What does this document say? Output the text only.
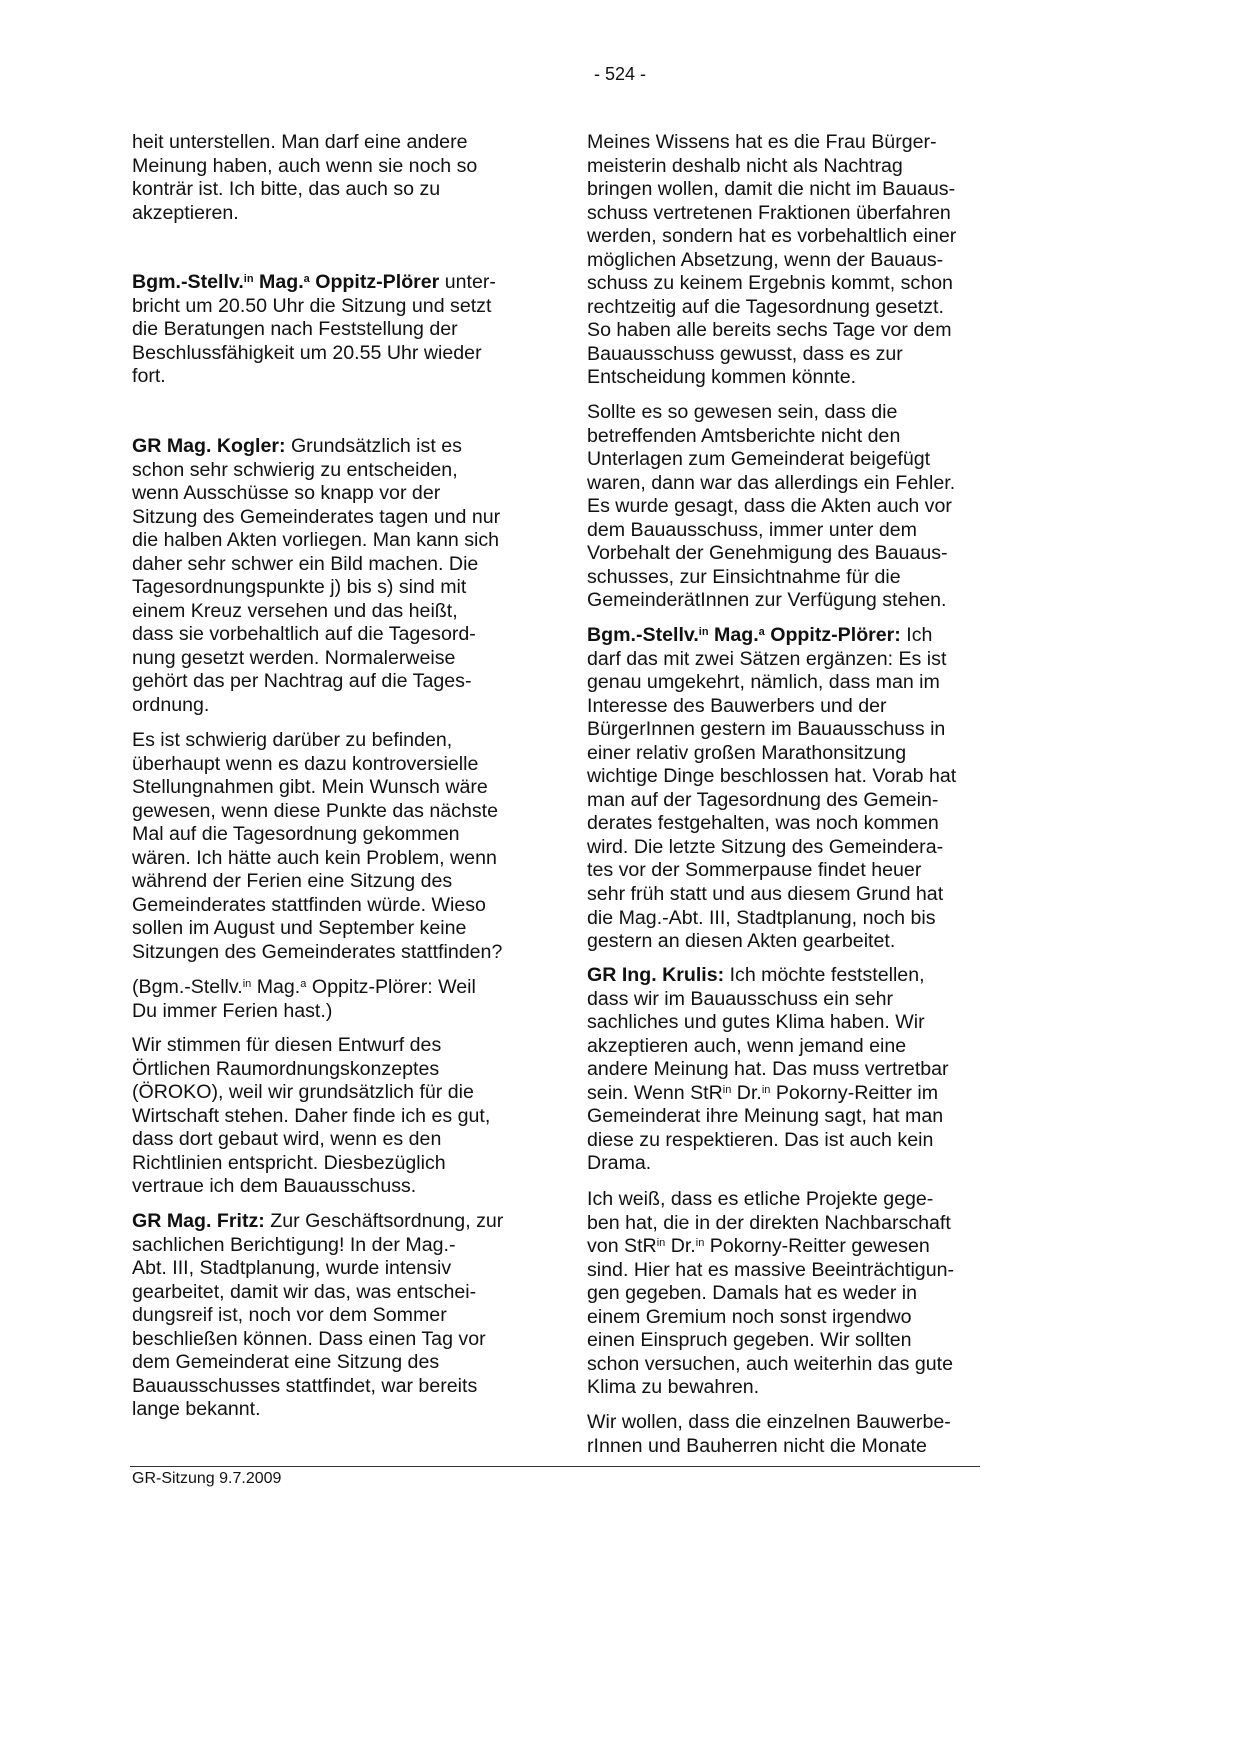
- 524 -
heit unterstellen. Man darf eine andere
Meinung haben, auch wenn sie noch so
konträr ist. Ich bitte, das auch so zu
akzeptieren.
Bgm.-Stellv.$^{in}$ Mag.$^a$ Oppitz-Plörer unter-
bricht um 20.50 Uhr die Sitzung und setzt
die Beratungen nach Feststellung der
Beschlussfähigkeit um 20.55 Uhr wieder
fort.
GR Mag. Kogler: Grundsätzlich ist es
schon sehr schwierig zu entscheiden,
wenn Ausschüsse so knapp vor der
Sitzung des Gemeinderates tagen und nur
die halben Akten vorliegen. Man kann sich
daher sehr schwer ein Bild machen. Die
Tagesordnungspunkte j) bis s) sind mit
einem Kreuz versehen und das heißt,
dass sie vorbehaltlich auf die Tagesord-
nung gesetzt werden. Normalerweise
gehört das per Nachtrag auf die Tages-
ordnung.
Es ist schwierig darüber zu befinden,
überhaupt wenn es dazu kontroversielle
Stellungnahmen gibt. Mein Wunsch wäre
gewesen, wenn diese Punkte das nächste
Mal auf die Tagesordnung gekommen
wären. Ich hätte auch kein Problem, wenn
während der Ferien eine Sitzung des
Gemeinderates stattfinden würde. Wieso
sollen im August und September keine
Sitzungen des Gemeinderates stattfinden?
(Bgm.-Stellv.$^{in}$ Mag.$^a$ Oppitz-Plörer: Weil
Du immer Ferien hast.)
Wir stimmen für diesen Entwurf des
Örtlichen Raumordnungskonzeptes
(ÖROKO), weil wir grundsätzlich für die
Wirtschaft stehen. Daher finde ich es gut,
dass dort gebaut wird, wenn es den
Richtlinien entspricht. Diesbezüglich
vertraue ich dem Bauausschuss.
GR Mag. Fritz: Zur Geschäftsordnung, zur
sachlichen Berichtigung! In der Mag.-
Abt. III, Stadtplanung, wurde intensiv
gearbeitet, damit wir das, was entschei-
dungsreif ist, noch vor dem Sommer
beschließen können. Dass einen Tag vor
dem Gemeinderat eine Sitzung des
Bauausschusses stattfindet, war bereits
lange bekannt.
Meines Wissens hat es die Frau Bürger-
meisterin deshalb nicht als Nachtrag
bringen wollen, damit die nicht im Bauaus-
schuss vertretenen Fraktionen überfahren
werden, sondern hat es vorbehaltlich einer
möglichen Absetzung, wenn der Bauaus-
schuss zu keinem Ergebnis kommt, schon
rechtzeitig auf die Tagesordnung gesetzt.
So haben alle bereits sechs Tage vor dem
Bauausschuss gewusst, dass es zur
Entscheidung kommen könnte.
Sollte es so gewesen sein, dass die
betreffenden Amtsberichte nicht den
Unterlagen zum Gemeinderat beigefügt
waren, dann war das allerdings ein Fehler.
Es wurde gesagt, dass die Akten auch vor
dem Bauausschuss, immer unter dem
Vorbehalt der Genehmigung des Bauaus-
schusses, zur Einsichtnahme für die
GemeinderätInnen zur Verfügung stehen.
Bgm.-Stellv.$^{in}$ Mag.$^a$ Oppitz-Plörer: Ich
darf das mit zwei Sätzen ergänzen: Es ist
genau umgekehrt, nämlich, dass man im
Interesse des Bauwerbers und der
BürgerInnen gestern im Bauausschuss in
einer relativ großen Marathonsitzung
wichtige Dinge beschlossen hat. Vorab hat
man auf der Tagesordnung des Gemein-
derates festgehalten, was noch kommen
wird. Die letzte Sitzung des Gemeindera-
tes vor der Sommerpause findet heuer
sehr früh statt und aus diesem Grund hat
die Mag.-Abt. III, Stadtplanung, noch bis
gestern an diesen Akten gearbeitet.
GR Ing. Krulis: Ich möchte feststellen,
dass wir im Bauausschuss ein sehr
sachliches und gutes Klima haben. Wir
akzeptieren auch, wenn jemand eine
andere Meinung hat. Das muss vertretbar
sein. Wenn StR$^{in}$ Dr.$^{in}$ Pokorny-Reitter im
Gemeinderat ihre Meinung sagt, hat man
diese zu respektieren. Das ist auch kein
Drama.
Ich weiß, dass es etliche Projekte gege-
ben hat, die in der direkten Nachbarschaft
von StR$^{in}$ Dr.$^{in}$ Pokorny-Reitter gewesen
sind. Hier hat es massive Beeinträchtigun-
gen gegeben. Damals hat es weder in
einem Gremium noch sonst irgendwo
einen Einspruch gegeben. Wir sollten
schon versuchen, auch weiterhin das gute
Klima zu bewahren.
Wir wollen, dass die einzelnen Bauwerbe-
rInnen und Bauherren nicht die Monate
GR-Sitzung 9.7.2009
